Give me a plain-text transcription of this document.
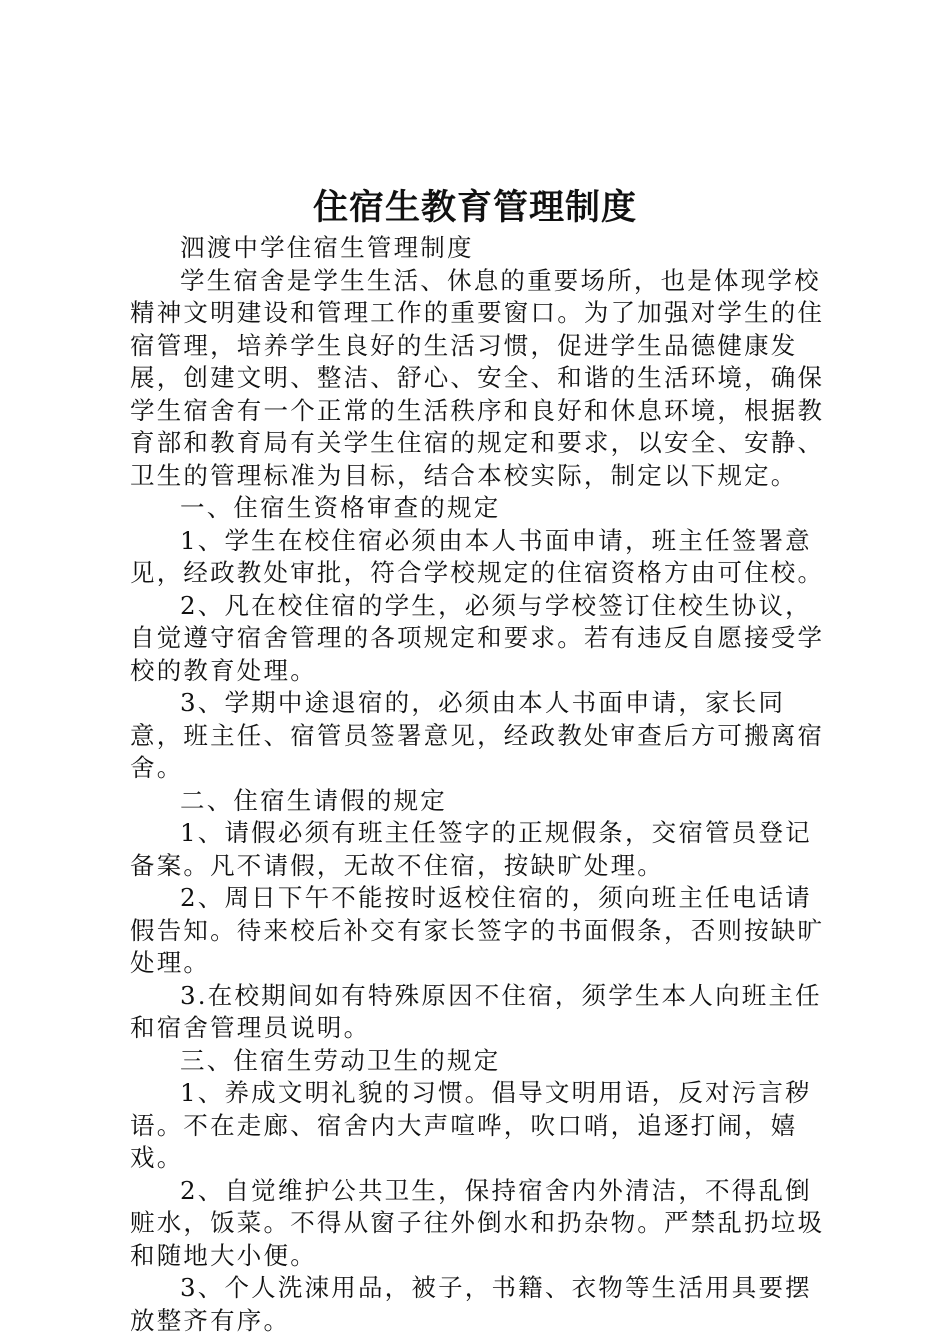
住宿生教育管理制度

泗渡中学住宿生管理制度

学生宿舍是学生生活、休息的重要场所，也是体现学校精神文明建设和管理工作的重要窗口。为了加强对学生的住宿管理，培养学生良好的生活习惯，促进学生品德健康发展，创建文明、整洁、舒心、安全、和谐的生活环境，确保学生宿舍有一个正常的生活秩序和良好和休息环境，根据教育部和教育局有关学生住宿的规定和要求，以安全、安静、卫生的管理标准为目标，结合本校实际，制定以下规定。

一、住宿生资格审查的规定

1、学生在校住宿必须由本人书面申请，班主任签署意见，经政教处审批，符合学校规定的住宿资格方由可住校。

2、凡在校住宿的学生，必须与学校签订住校生协议，自觉遵守宿舍管理的各项规定和要求。若有违反自愿接受学校的教育处理。

3、学期中途退宿的，必须由本人书面申请，家长同意，班主任、宿管员签署意见，经政教处审查后方可搬离宿舍。

二、住宿生请假的规定

1、请假必须有班主任签字的正规假条，交宿管员登记备案。凡不请假，无故不住宿，按缺旷处理。

2、周日下午不能按时返校住宿的，须向班主任电话请假告知。待来校后补交有家长签字的书面假条，否则按缺旷处理。

3.在校期间如有特殊原因不住宿，须学生本人向班主任和宿舍管理员说明。

三、住宿生劳动卫生的规定

1、养成文明礼貌的习惯。倡导文明用语，反对污言秽语。不在走廊、宿舍内大声喧哗，吹口哨，追逐打闹，嬉戏。

2、自觉维护公共卫生，保持宿舍内外清洁，不得乱倒赃水，饭菜。不得从窗子往外倒水和扔杂物。严禁乱扔垃圾和随地大小便。

3、个人洗涑用品，被子，书籍、衣物等生活用具要摆放整齐有序。
